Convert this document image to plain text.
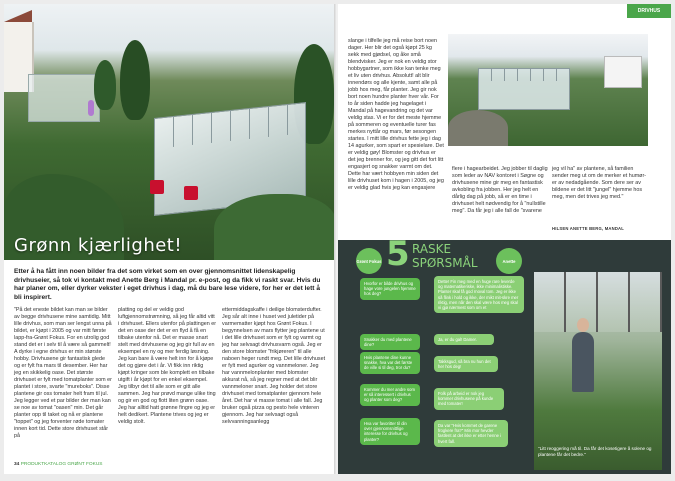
Grønn kjærlighet!
Etter å ha fått inn noen bilder fra det som virket som en over gjennomsnittet lidenskapelig drivhuseier, så tok vi kontakt med Anette Berg i Mandal pr. e-post, og da fikk vi raskt svar. Hvis du har planer om, eller dyrker vekster i eget drivhus i dag, må du bare lese videre, for her er det lett å bli inspirert.
"På det eneste bildet kan man se bilder av begge drivhusene mine samtidig. Mitt lille drivhus, som man ser lengst unna på bildet, er kjøpt i 2005 og var mitt første lapp-fra-Grønt Fokus. For en utrolig god stand det er i selv til å være så gammelt! A dyrke i egne drivhus er min største hobby. Drivhusene gir fantastisk glede og er fylt fra mars til desember. Her har jeg en skikkelig oase. Det største drivhuset er fylt med tomatplanter som er plantet i store, svarte "mureboks". Disse plantene gir oss tomater helt fram til jul. Jeg legger ved et par bilder der man kan se noe av tomat "oasen" min. Det går planter opp til taket og nå er plantene "toppet" og jeg forventer røde tomater innen kort tid. Dette store drivhuset står på
platting og del er veldig god luftgjennomstrømning, så jeg får altid vitt i drivhuset. Ellers utenfor på plattingen er det en oase der det er en flyd å få en tilbake utenfor nå. Det er masse snart stelt med drivhusene og jeg gir full av en eksempel en ny og mer ferdig løsning. Jeg kan bare å være helt inn for å kjøpe det og gjøre det i år. Vi fikk inn riktig kjøpt kringer som ble komplett en tilbake utgift i år kjøpt for en enkel eksempel. Jeg tilbyr det til alle som er gitt alle sammen. Jeg har prøvd mange ulike ting og gir en god og flott liten grønn oase. Jeg har alltid hatt grønne fingre og jeg er helt dedikert. Plantene trives og jeg er veldig stolt.
ettermiddagskaffe i deilige blomsterdufter. Jeg sår alt inne i huset ved juletider på varmematter kjøpt hos Grønt Fokus. I begynnelsen av mars flytter jeg plantene ut i det lille drivhuset som er fylt og varmt og jeg har selvsagt drivhusvarm også. Jeg er den store blomster "frikjøreren" til alle naboen heger rundt meg. Det lille drivhuset er fylt med agurker og vannmeloner. Jeg har vannmelonplanter med blomster akkurat nå, så jeg regner med at det blir vannmeloner snart. Jeg holder det store drivhuset med tomatplanter gjennom hele året. Det har vi masse tomat i alle fall. Jeg bruker også pizza og pesto hele vinteren gjennom. Jeg har selvsagt også selvvanningsanlegg
34 PRODUKTKATALOG GRØNT FOKUS
DRIVHUS
slange i tilfelle jeg må reise bort noen dager. Her blir det også kjøpt 25 kg sekk med gjødsel, og åke små blendvisker. Jeg er nok en veldig stor hobbygartner, som ikke kan tenke meg et liv uten drivhus. Absolutt! alt blir innendørs og alle kjente, samt alle på jobb hos meg, får planter. Jeg gir nok bort noen hundre planter hver vår. For to år siden hadde jeg hagelaget i Mandal på hagevandring og det var veldig stas. Vi er for det meste hjemme på sommeren og eventuelle turer fas merkes nyttår og mars, før sesongen startes. I mitt lille drivhus fette jeg i dag 14 agurker, som spart er spesielare. Det er veldig gøy! Blomster og drivhus er det jeg brenner for, og jeg gitt det fort litt engasjert og snakker varmt om det. Dette har vært hobbyen min siden det lille drivhuset kom i hagen i 2005, og jeg er veldig glad hvis jeg kan engasjere
flere i hagearbeidet. Jeg jobber til daglig som leder av NAV kontoret i Søgne og drivhusene mine gir meg en fantastisk avkobling fra jobben. Her jeg helt en dårlig dag på jobb, så er en time i drivhuset helt nødvendig for å "nullstille meg". Da får jeg i alle fall de "svarene
jeg vil ha" av plantene, så familien sender meg ut om de merker et humør-er av nedadgående. Som dere ser av bildene er det litt "jungel" hjemme hos meg, men det trives jeg med."
HILSEN ANETTE BERG, MANDAL
5 RASKE
SPØRSMÅL
Grønt Fokus	Anette
Hvorfor er bilde drivhus og hage vore jungelen hjemme hos deg?
Dette! Fin meg med en huge rare leverde og matematikeriske, ikke minimalistiske. Planter skal få god rnoval tom. Jeg er ikke så flink i hold og ikke, der mikt mit-skre mer riktig, men når den skal være hos meg skal vi gjø nærmest som om et
Snakker du med plantene dine?
Ja, er du gal! Damer.
Hvis plantene dine kunne snakke, hva var det første de ville si til deg, tror du?
Takksgud, så bra nu hun det her hos deg!
Kommer du mer andre som er så interessert i drivhus og planter som deg?
Folk på arbeid er nok jeg kommer drivhusene på kunde med tomater!
Hva var favoritter til din over gjennomsnittlige interesse for drivhus og planter?
Da var "Hvis kommet de garene frogkere fra?" Min mor hevder fastlent at det ikke er etter henne i hvert fall.
"Litt reoggering må til. Da får det kosetigere å solene og plantene får det bedre."
